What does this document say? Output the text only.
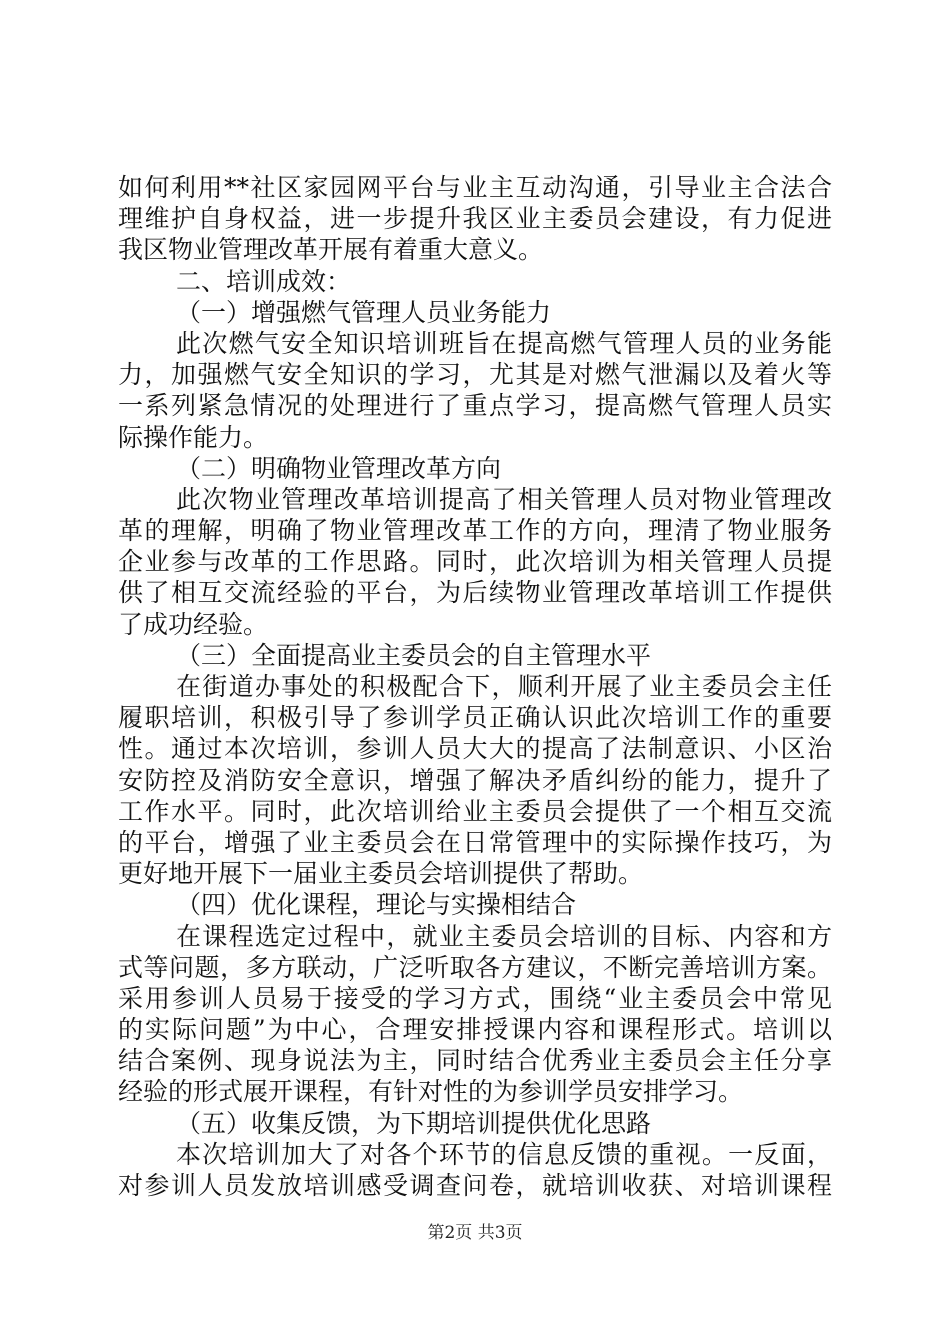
如何利用**社区家园网平台与业主互动沟通，引导业主合法合
理维护自身权益，进一步提升我区业主委员会建设，有力促进
我区物业管理改革开展有着重大意义。
二、培训成效：
（一）增强燃气管理人员业务能力
此次燃气安全知识培训班旨在提高燃气管理人员的业务能
力，加强燃气安全知识的学习，尤其是对燃气泄漏以及着火等
一系列紧急情况的处理进行了重点学习，提高燃气管理人员实
际操作能力。
（二）明确物业管理改革方向
此次物业管理改革培训提高了相关管理人员对物业管理改
革的理解，明确了物业管理改革工作的方向，理清了物业服务
企业参与改革的工作思路。同时，此次培训为相关管理人员提
供了相互交流经验的平台，为后续物业管理改革培训工作提供
了成功经验。
（三）全面提高业主委员会的自主管理水平
在街道办事处的积极配合下，顺利开展了业主委员会主任
履职培训，积极引导了参训学员正确认识此次培训工作的重要
性。通过本次培训，参训人员大大的提高了法制意识、小区治
安防控及消防安全意识，增强了解决矛盾纠纷的能力，提升了
工作水平。同时，此次培训给业主委员会提供了一个相互交流
的平台，增强了业主委员会在日常管理中的实际操作技巧，为
更好地开展下一届业主委员会培训提供了帮助。
（四）优化课程，理论与实操相结合
在课程选定过程中，就业主委员会培训的目标、内容和方
式等问题，多方联动，广泛听取各方建议，不断完善培训方案。
采用参训人员易于接受的学习方式，围绕“业主委员会中常见
的实际问题”为中心，合理安排授课内容和课程形式。培训以
结合案例、现身说法为主，同时结合优秀业主委员会主任分享
经验的形式展开课程，有针对性的为参训学员安排学习。
（五）收集反馈，为下期培训提供优化思路
本次培训加大了对各个环节的信息反馈的重视。一反面，
对参训人员发放培训感受调查问卷，就培训收获、对培训课程
第2页 共3页
